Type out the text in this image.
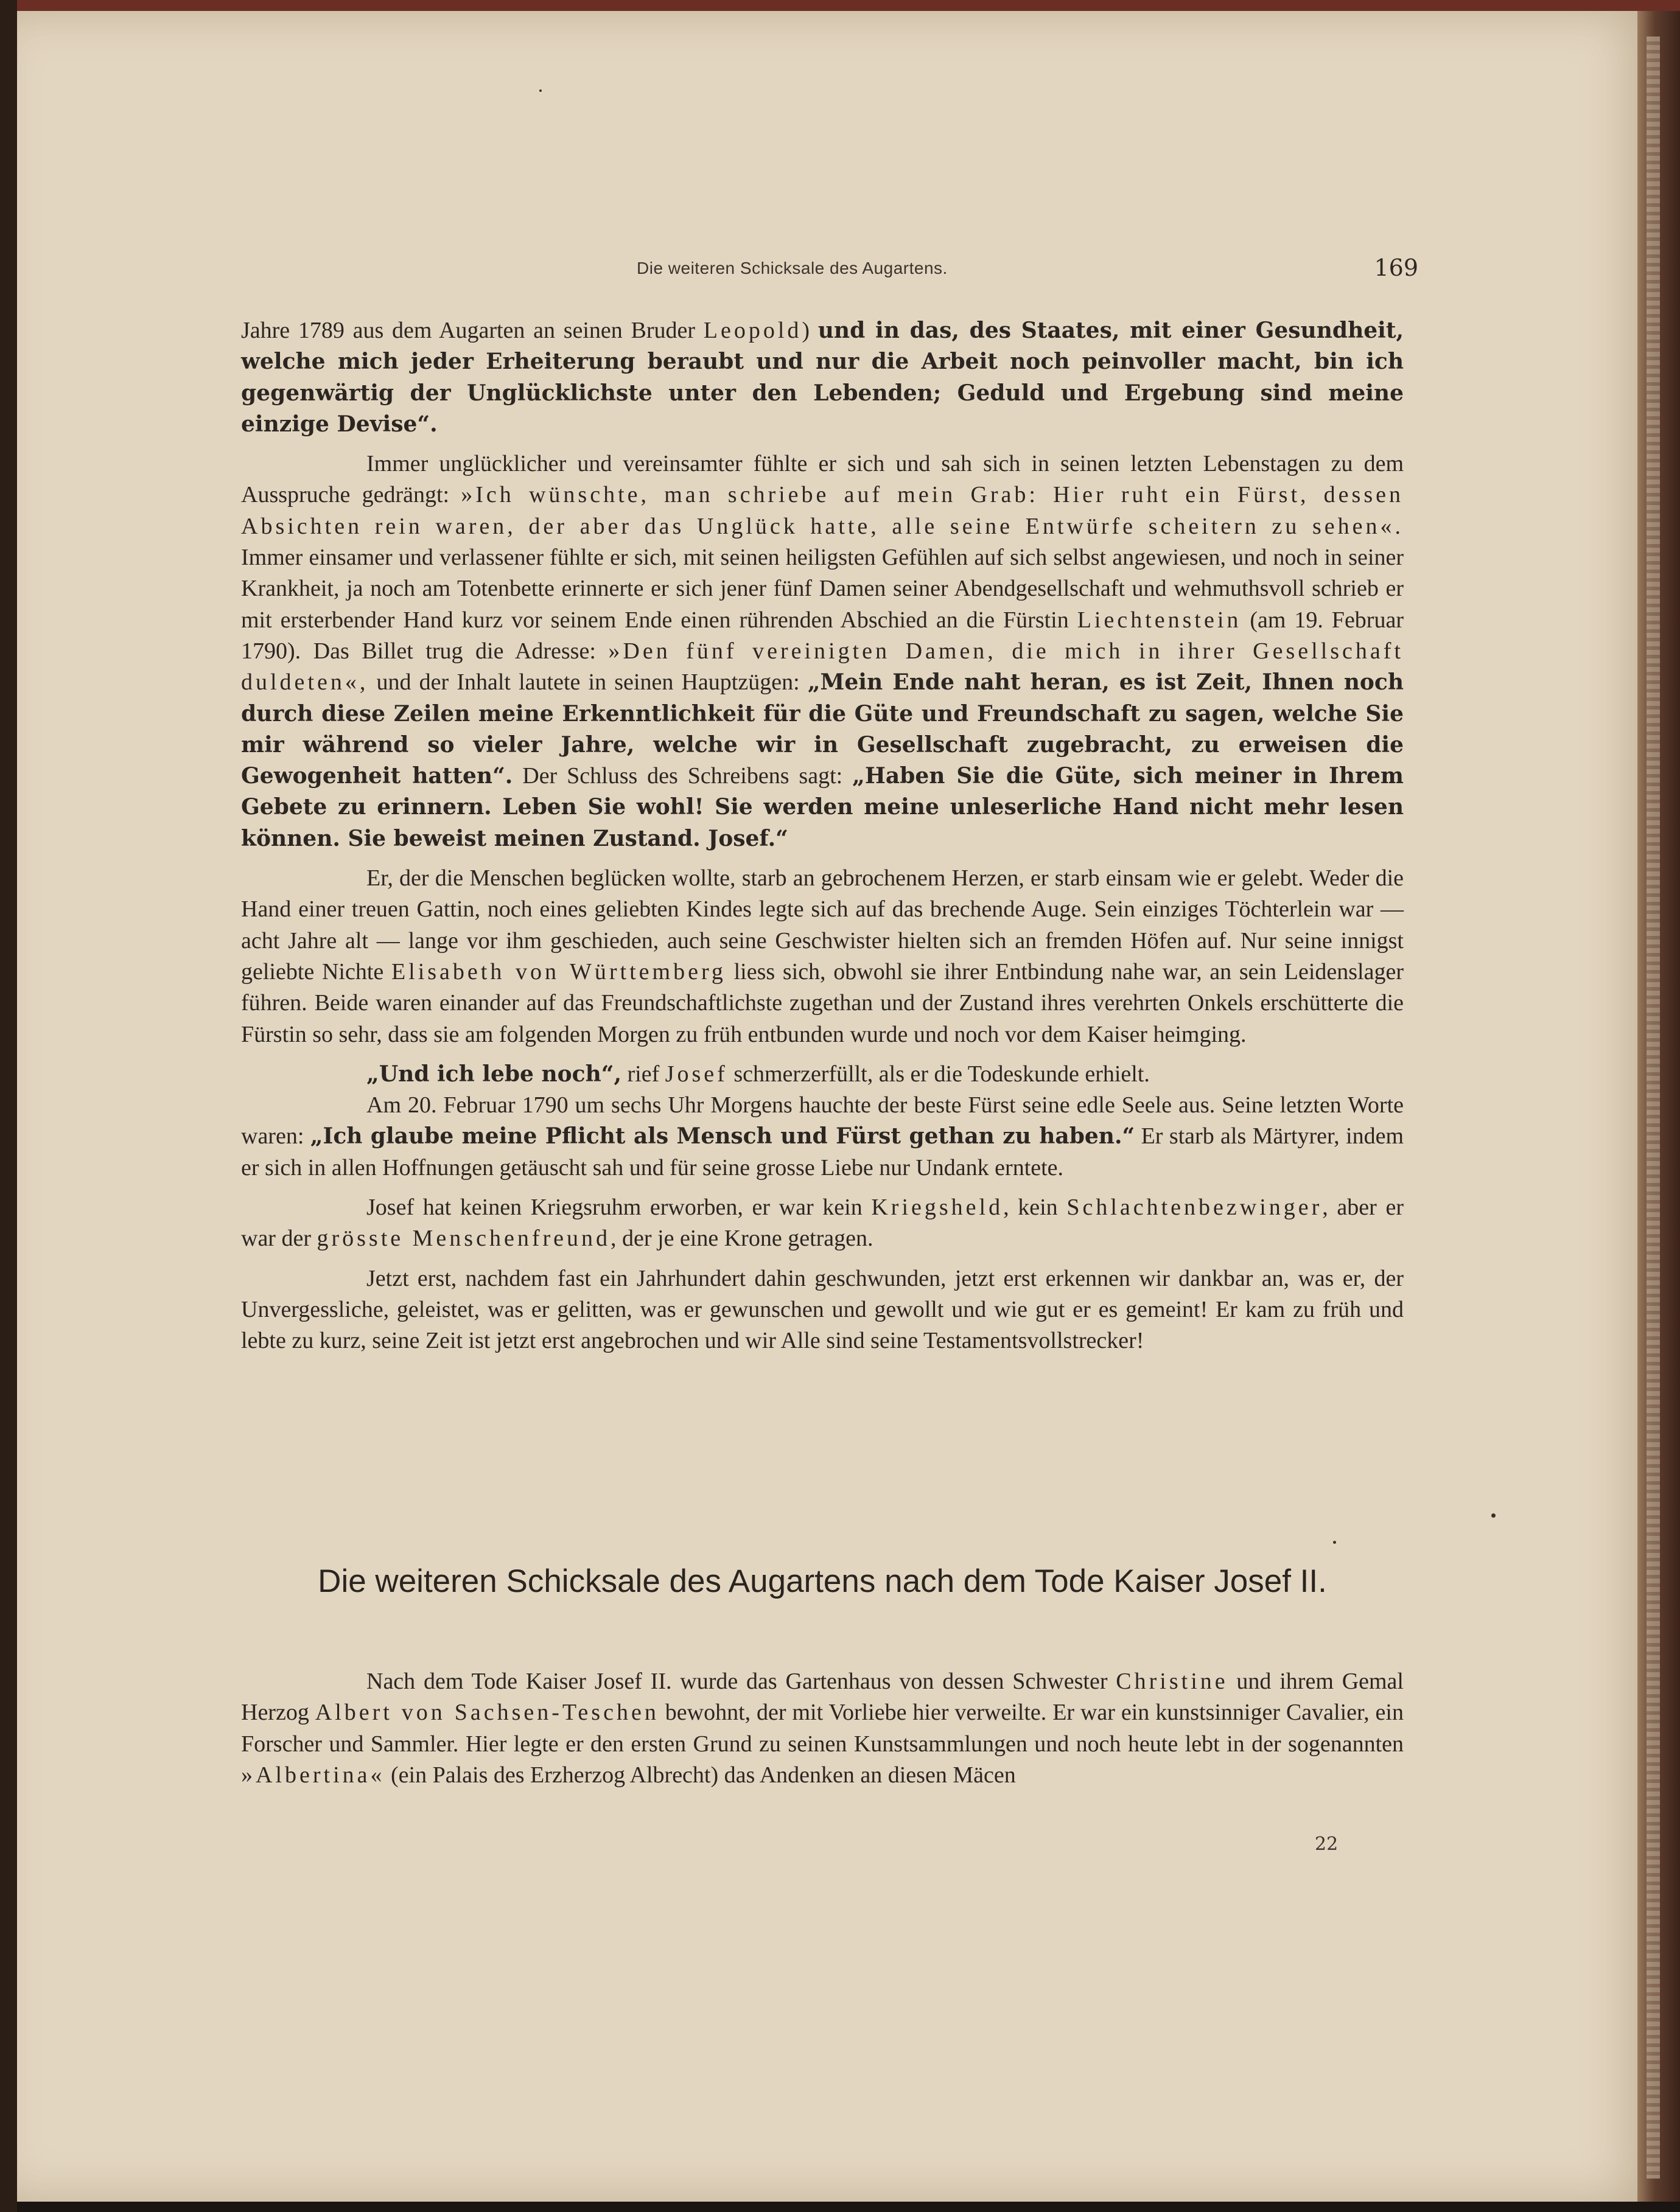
Die weiteren Schicksale des Augartens.	169

Jahre 1789 aus dem Augarten an seinen Bruder Leopold) und in das, des Staates, mit einer Gesundheit, welche mich jeder Erheiterung beraubt und nur die Arbeit noch peinvoller macht, bin ich gegenwärtig der Unglücklichste unter den Lebenden; Geduld und Ergebung sind meine einzige Devise“.

Immer unglücklicher und vereinsamter fühlte er sich und sah sich in seinen letzten Lebenstagen zu dem Ausspruche gedrängt: »Ich wünschte, man schriebe auf mein Grab: Hier ruht ein Fürst, dessen Absichten rein waren, der aber das Unglück hatte, alle seine Entwürfe scheitern zu sehen«. Immer einsamer und verlassener fühlte er sich, mit seinen heiligsten Gefühlen auf sich selbst angewiesen, und noch in seiner Krankheit, ja noch am Totenbette erinnerte er sich jener fünf Damen seiner Abendgesellschaft und wehmuthsvoll schrieb er mit ersterbender Hand kurz vor seinem Ende einen rührenden Abschied an die Fürstin Liechtenstein (am 19. Februar 1790). Das Billet trug die Adresse: »Den fünf vereinigten Damen, die mich in ihrer Gesellschaft duldeten«, und der Inhalt lautete in seinen Hauptzügen: „Mein Ende naht heran, es ist Zeit, Ihnen noch durch diese Zeilen meine Erkenntlichkeit für die Güte und Freundschaft zu sagen, welche Sie mir während so vieler Jahre, welche wir in Gesellschaft zugebracht, zu erweisen die Gewogenheit hatten“. Der Schluss des Schreibens sagt: „Haben Sie die Güte, sich meiner in Ihrem Gebete zu erinnern. Leben Sie wohl! Sie werden meine unleserliche Hand nicht mehr lesen können. Sie beweist meinen Zustand. Josef.“

Er, der die Menschen beglücken wollte, starb an gebrochenem Herzen, er starb einsam wie er gelebt. Weder die Hand einer treuen Gattin, noch eines geliebten Kindes legte sich auf das brechende Auge. Sein einziges Töchterlein war — acht Jahre alt — lange vor ihm geschieden, auch seine Geschwister hielten sich an fremden Höfen auf. Nur seine innigst geliebte Nichte Elisabeth von Württemberg liess sich, obwohl sie ihrer Entbindung nahe war, an sein Leidenslager führen. Beide waren einander auf das Freundschaftlichste zugethan und der Zustand ihres verehrten Onkels erschütterte die Fürstin so sehr, dass sie am folgenden Morgen zu früh entbunden wurde und noch vor dem Kaiser heimging.

„Und ich lebe noch“, rief Josef schmerzerfüllt, als er die Todeskunde erhielt.

Am 20. Februar 1790 um sechs Uhr Morgens hauchte der beste Fürst seine edle Seele aus. Seine letzten Worte waren: „Ich glaube meine Pflicht als Mensch und Fürst gethan zu haben.“ Er starb als Märtyrer, indem er sich in allen Hoffnungen getäuscht sah und für seine grosse Liebe nur Undank erntete.

Josef hat keinen Kriegsruhm erworben, er war kein Kriegsheld, kein Schlachtenbezwinger, aber er war der grösste Menschenfreund, der je eine Krone getragen.

Jetzt erst, nachdem fast ein Jahrhundert dahin geschwunden, jetzt erst erkennen wir dankbar an, was er, der Unvergessliche, geleistet, was er gelitten, was er gewunschen und gewollt und wie gut er es gemeint! Er kam zu früh und lebte zu kurz, seine Zeit ist jetzt erst angebrochen und wir Alle sind seine Testamentsvollstrecker!

Die weiteren Schicksale des Augartens nach dem Tode Kaiser Josef II.

Nach dem Tode Kaiser Josef II. wurde das Gartenhaus von dessen Schwester Christine und ihrem Gemal Herzog Albert von Sachsen-Teschen bewohnt, der mit Vorliebe hier verweilte. Er war ein kunstsinniger Cavalier, ein Forscher und Sammler. Hier legte er den ersten Grund zu seinen Kunstsammlungen und noch heute lebt in der sogenannten »Albertina« (ein Palais des Erzherzog Albrecht) das Andenken an diesen Mäcen

22
